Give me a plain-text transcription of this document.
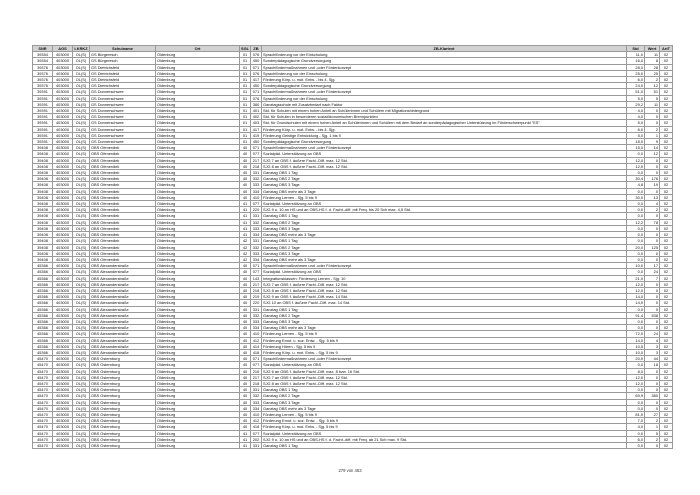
SNR	AGS	LKRKZ	Schulname	Ort	SGL	ZB	ZB-Klartext	Std	Wert	ArtT
39354	403000	OL(S)	GS Bürgeresch	Oldenburg	01	076	Sprachförderung vor der Einschulung	11,0	11	02
39354	403000	OL(S)	GS Bürgeresch	Oldenburg	01	450	Sonderpädagogische Grundversorgung	16,0	8	02
39376	403000	OL(S)	GS Dietrichsfeld	Oldenburg	01	071	Sprachfördermaßnahmen und -oder Förderkonzept	28,0	28	02
39376	403000	OL(S)	GS Dietrichsfeld	Oldenburg	01	076	Sprachförderung vor der Einschulung	25,0	25	02
39376	403000	OL(S)	GS Dietrichsfeld	Oldenburg	01	417	Förderung Körp. u. mot. Entw. - bis 4. Sjg.	6,0	2	02
39376	403000	OL(S)	GS Dietrichsfeld	Oldenburg	01	450	Sonderpädagogische Grundversorgung	24,0	12	02
39391	403000	OL(S)	GS Donnerschwee	Oldenburg	01	071	Sprachfördermaßnahmen und -oder Förderkonzept	51,0	51	02
39391	403000	OL(S)	GS Donnerschwee	Oldenburg	01	076	Sprachförderung vor der Einschulung	5,0	5	02
39391	403000	OL(S)	GS Donnerschwee	Oldenburg	01	380	Ganztagsschule mit Zusatzbedarf nach Faktor	29,2	11	02
39391	403000	OL(S)	GS Donnerschwee	Oldenburg	01	401	Std. für Schulen mit einem hohen Anteil an Schülerinnen und Schülern mit Migrationshintergrund	4,0	0	02
39391	403000	OL(S)	GS Donnerschwee	Oldenburg	01	402	Std. für Schulen in besonderen sozialökonomischen Brennpunkten	4,0	0	02
39391	403000	OL(S)	GS Donnerschwee	Oldenburg	01	403	Std. für Grundschulen mit einem hohen Anteil an Schülerinnen und Schülern mit dem Bedarf an sonderpädagogischer Unterstützung im Förderschwerpunkt "ES"	5,0	0	02
39391	403000	OL(S)	GS Donnerschwee	Oldenburg	01	417	Förderung Körp. u. mot. Entw. - bis 4. Sjg.	6,0	2	02
39391	403000	OL(S)	GS Donnerschwee	Oldenburg	01	419	Förderung Geistige Entwicklung - Sjg. 1 bis 9	5,0	1	02
39391	403000	OL(S)	GS Donnerschwee	Oldenburg	01	450	Sonderpädagogische Grundversorgung	18,0	9	02
39408	403000	OL(S)	OBS Ofenerdiek	Oldenburg	40	071	Sprachfördermaßnahmen und -oder Förderkonzept	15,0	14	02
39408	403000	OL(S)	OBS Ofenerdiek	Oldenburg	40	077	Sozialpäd. Unterstützung an OBS	0,0	12	02
39408	403000	OL(S)	OBS Ofenerdiek	Oldenburg	40	217	SJG 7 an OBS f. äußere Fachl.-Diff. max. 12 Std.	12,0	0	02
39408	403000	OL(S)	OBS Ofenerdiek	Oldenburg	40	218	SJG 8 an OBS f. äußere Fachl.-Diff. max. 12 Std.	12,0	0	02
39408	403000	OL(S)	OBS Ofenerdiek	Oldenburg	40	331	Ganztag OBS 1 Tag	0,0	0	02
39408	403000	OL(S)	OBS Ofenerdiek	Oldenburg	40	332	Ganztag OBS 2 Tage	30,4	176	02
39408	403000	OL(S)	OBS Ofenerdiek	Oldenburg	40	333	Ganztag OBS 3 Tage	4,8	19	02
39408	403000	OL(S)	OBS Ofenerdiek	Oldenburg	40	334	Ganztag OBS mehr als 3 Tage	0,0	0	02
39408	403000	OL(S)	OBS Ofenerdiek	Oldenburg	40	410	Förderung Lernen - Sjg. 5 bis 9	30,0	13	02
39408	403000	OL(S)	OBS Ofenerdiek	Oldenburg	41	077	Sozialpäd. Unterstützung an OBS	0,0	4	02
39408	403000	OL(S)	OBS Ofenerdiek	Oldenburg	41	220	SJG 9 u. 10 an HS und an OBS-HS f. d. Facht.-diff. mit Freq. bis 20 Sch max. 4,5 Std.	0,0	2	02
39408	403000	OL(S)	OBS Ofenerdiek	Oldenburg	41	331	Ganztag OBS 1 Tag	0,0	0	02
39408	403000	OL(S)	OBS Ofenerdiek	Oldenburg	41	332	Ganztag OBS 2 Tage	12,2	78	02
39408	403000	OL(S)	OBS Ofenerdiek	Oldenburg	41	333	Ganztag OBS 3 Tage	0,0	0	02
39408	403000	OL(S)	OBS Ofenerdiek	Oldenburg	41	334	Ganztag OBS mehr als 3 Tage	0,0	0	02
39408	403000	OL(S)	OBS Ofenerdiek	Oldenburg	42	331	Ganztag OBS 1 Tag	0,0	0	02
39408	403000	OL(S)	OBS Ofenerdiek	Oldenburg	42	332	Ganztag OBS 2 Tage	20,0	125	02
39408	403000	OL(S)	OBS Ofenerdiek	Oldenburg	42	333	Ganztag OBS 3 Tage	0,0	0	02
39408	403000	OL(S)	OBS Ofenerdiek	Oldenburg	42	334	Ganztag OBS mehr als 3 Tage	0,0	0	02
45366	403000	OL(S)	OBS Alexanderstraße	Oldenburg	40	071	Sprachfördermaßnahmen und -oder Förderkonzept	10,0	17	02
45366	403000	OL(S)	OBS Alexanderstraße	Oldenburg	40	077	Sozialpäd. Unterstützung an OBS	0,0	24	02
45366	403000	OL(S)	OBS Alexanderstraße	Oldenburg	40	143	Integrationsklassen: Förderung Lernen - Sjg. 10	21,0	7	02
45366	403000	OL(S)	OBS Alexanderstraße	Oldenburg	40	217	SJG 7 an OBS f. äußere Fachl.-Diff. max. 12 Std.	12,0	0	02
45366	403000	OL(S)	OBS Alexanderstraße	Oldenburg	40	218	SJG 8 an OBS f. äußere Fachl.-Diff. max. 12 Std.	12,0	0	02
45366	403000	OL(S)	OBS Alexanderstraße	Oldenburg	40	219	SJG 9 an OBS f. äußere Fachl.-Diff. max. 14 Std.	14,0	0	02
45366	403000	OL(S)	OBS Alexanderstraße	Oldenburg	40	220	SJG 10 an OBS f. äußere Fachl.-Diff. max. 14 Std.	14,0	0	02
45366	403000	OL(S)	OBS Alexanderstraße	Oldenburg	40	331	Ganztag OBS 1 Tag	0,0	0	02
45366	403000	OL(S)	OBS Alexanderstraße	Oldenburg	40	332	Ganztag OBS 2 Tage	91,4	538	02
45366	403000	OL(S)	OBS Alexanderstraße	Oldenburg	40	333	Ganztag OBS 3 Tage	0,0	0	02
45366	403000	OL(S)	OBS Alexanderstraße	Oldenburg	40	334	Ganztag OBS mehr als 3 Tage	0,0	0	02
45366	403000	OL(S)	OBS Alexanderstraße	Oldenburg	40	410	Förderung Lernen - Sjg. 5 bis 9	72,0	24	02
45366	403000	OL(S)	OBS Alexanderstraße	Oldenburg	40	412	Förderung Emot. u. soz. Entw. - Sjg. 5 bis 9	14,0	4	02
45366	403000	OL(S)	OBS Alexanderstraße	Oldenburg	40	414	Förderung Hören - Sjg. 5 bis 9	10,5	3	02
45366	403000	OL(S)	OBS Alexanderstraße	Oldenburg	40	418	Förderung Körp. u. mot. Entw. - Sjg. 5 bis 9	10,0	3	02
45470	403000	OL(S)	OBS Osternburg	Oldenburg	40	071	Sprachfördermaßnahmen und -oder Förderkonzept	20,0	44	02
45470	403000	OL(S)	OBS Osternburg	Oldenburg	40	077	Sozialpäd. Unterstützung an OBS	0,0	18	02
45470	403000	OL(S)	OBS Osternburg	Oldenburg	40	216	SJG 6 an OBS f. äußere Fachl.-Diff. max. 8 bzw. 16 Std.	8,0	0	02
45470	403000	OL(S)	OBS Osternburg	Oldenburg	40	217	SJG 7 an OBS f. äußere Fachl.-Diff. max. 12 Std.	12,0	0	02
45470	403000	OL(S)	OBS Osternburg	Oldenburg	40	218	SJG 8 an OBS f. äußere Fachl.-Diff. max. 12 Std.	12,0	0	02
45470	403000	OL(S)	OBS Osternburg	Oldenburg	40	331	Ganztag OBS 1 Tag	0,0	0	02
45470	403000	OL(S)	OBS Osternburg	Oldenburg	40	332	Ganztag OBS 2 Tage	69,9	380	02
45470	403000	OL(S)	OBS Osternburg	Oldenburg	40	333	Ganztag OBS 3 Tage	0,0	0	02
45470	403000	OL(S)	OBS Osternburg	Oldenburg	40	334	Ganztag OBS mehr als 3 Tage	0,0	0	02
45470	403000	OL(S)	OBS Osternburg	Oldenburg	40	410	Förderung Lernen - Sjg. 5 bis 9	81,0	27	02
45470	403000	OL(S)	OBS Osternburg	Oldenburg	40	412	Förderung Emot. u. soz. Entw. - Sjg. 5 bis 9	7,0	2	02
45470	403000	OL(S)	OBS Osternburg	Oldenburg	40	418	Förderung Körp. u. mot. Entw. - Sjg. 5 bis 9	4,0	1	02
45470	403000	OL(S)	OBS Osternburg	Oldenburg	41	077	Sozialpäd. Unterstützung an OBS	0,0	5	02
45470	403000	OL(S)	OBS Osternburg	Oldenburg	41	202	SJG 9 u. 10 an HS und an OBS-HS f. d. Facht.-diff. mit Freq. ab 21 Sch max. 9 Std.	6,0	2	02
45470	403000	OL(S)	OBS Osternburg	Oldenburg	41	331	Ganztag OBS 1 Tag	0,0	0	02
279 von 453
